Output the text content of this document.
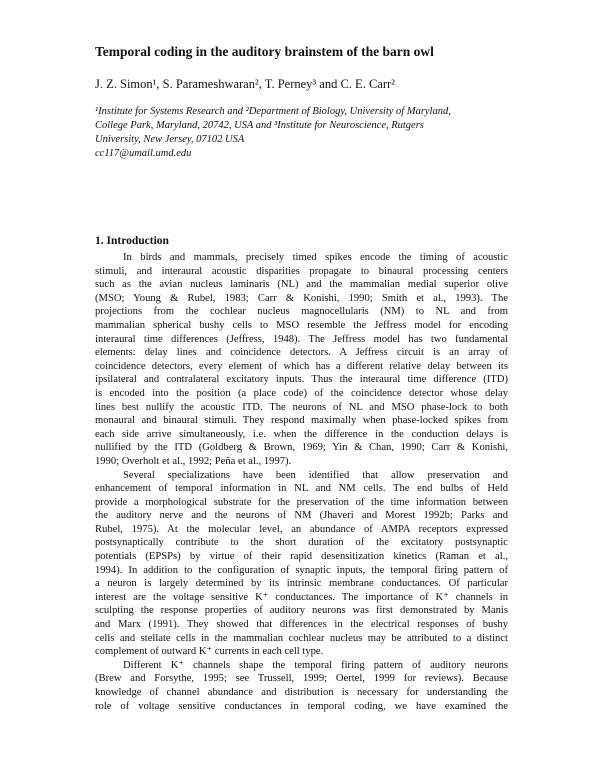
Temporal coding in the auditory brainstem of the barn owl
J. Z. Simon¹, S. Parameshwaran², T. Perney³ and C. E. Carr²
¹Institute for Systems Research and ²Department of Biology, University of Maryland,
College Park, Maryland, 20742, USA and ³Institute for Neuroscience, Rutgers
University, New Jersey, 07102 USA
cc117@umail.umd.edu
1. Introduction
In birds and mammals, precisely timed spikes encode the timing of acoustic
stimuli, and interaural acoustic disparities propagate to binaural processing centers
such as the avian nucleus laminaris (NL) and the mammalian medial superior olive
(MSO; Young & Rubel, 1983; Carr & Konishi, 1990; Smith et al., 1993). The
projections from the cochlear nucleus magnocellularis (NM) to NL and from
mammalian spherical bushy cells to MSO resemble the Jeffress model for encoding
interaural time differences (Jeffress, 1948). The Jeffress model has two fundamental
elements: delay lines and coincidence detectors. A Jeffress circuit is an array of
coincidence detectors, every element of which has a different relative delay between its
ipsilateral and contralateral excitatory inputs. Thus the interaural time difference (ITD)
is encoded into the position (a place code) of the coincidence detector whose delay
lines best nullify the acoustic ITD. The neurons of NL and MSO phase-lock to both
monaural and binaural stimuli. They respond maximally when phase-locked spikes from
each side arrive simultaneously, i.e. when the difference in the conduction delays is
nullified by the ITD (Goldberg & Brown, 1969; Yin & Chan, 1990; Carr & Konishi,
1990; Overholt et al., 1992; Peña et al., 1997).
Several specializations have been identified that allow preservation and
enhancement of temporal information in NL and NM cells. The end bulbs of Held
provide a morphological substrate for the preservation of the time information between
the auditory nerve and the neurons of NM (Jhaveri and Morest 1992b; Parks and
Rubel, 1975). At the molecular level, an abundance of AMPA receptors expressed
postsynaptically contribute to the short duration of the excitatory postsynaptic
potentials (EPSPs) by virtue of their rapid desensitization kinetics (Raman et al.,
1994). In addition to the configuration of synaptic inputs, the temporal firing pattern of
a neuron is largely determined by its intrinsic membrane conductances. Of particular
interest are the voltage sensitive K⁺ conductances. The importance of K⁺ channels in
sculpting the response properties of auditory neurons was first demonstrated by Manis
and Marx (1991). They showed that differences in the electrical responses of bushy
cells and stellate cells in the mammalian cochlear nucleus may be attributed to a distinct
complement of outward K⁺ currents in each cell type.
Different K⁺ channels shape the temporal firing pattern of auditory neurons
(Brew and Forsythe, 1995; see Trussell, 1999; Oertel, 1999 for reviews). Because
knowledge of channel abundance and distribution is necessary for understanding the
role of voltage sensitive conductances in temporal coding, we have examined the
